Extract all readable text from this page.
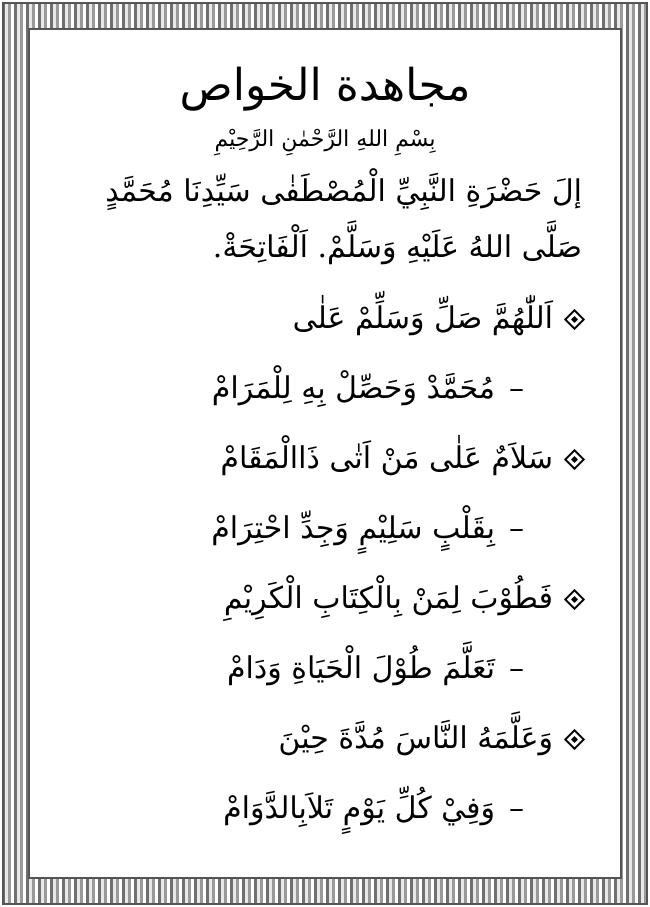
مجاهدة الخواص
بِسْمِ اللهِ الرَّحْمٰنِ الرَّحِيْمِ
إلَ حَضْرَةِ النَّبِيِّ الْمُصْطَفٰى سَيِّدِنَا مُحَمَّدٍ صَلَّى اللهُ عَلَيْهِ وَسَلَّمْ. اَلْفَاتِحَةْ.
اَللّٰهُمَّ صَلِّ وَسَلِّمْ عَلٰى
–
مُحَمَّدْ وَحَصِّلْ بِهِ لِلْمَرَامْ
سَلاَمٌ عَلٰى مَنْ اَتٰى ذَاالْمَقَامْ
–
بِقَلْبٍ سَلِيْمٍ وَجِدِّ احْتِرَامْ
فَطُوْبَ لِمَنْ بِالْكِتَابِ الْكَرِيْمِ
–
تَعَلَّمَ طُوْلَ الْحَيَاةِ وَدَامْ
وَعَلَّمَهُ النَّاسَ مُدَّةَ حِيْنَ
–
وَفِيْ كُلِّ يَوْمٍ تَلاَبِالدَّوَامْ
